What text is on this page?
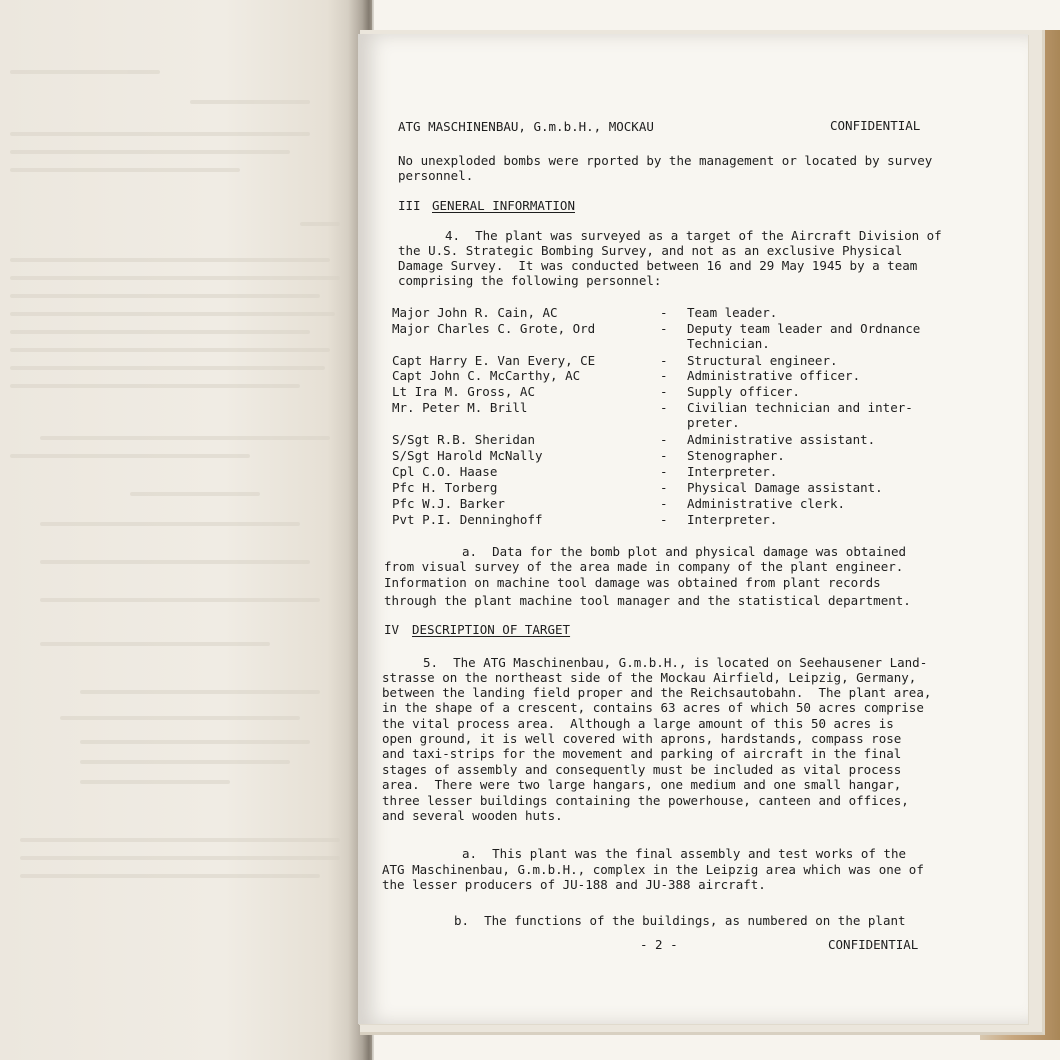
ATG MASCHINENBAU, G.m.b.H., MOCKAU	CONFIDENTIAL
No unexploded bombs were rported by the management or located by survey
personnel.
III GENERAL INFORMATION
4.  The plant was surveyed as a target of the Aircraft Division of
the U.S. Strategic Bombing Survey, and not as an exclusive Physical
Damage Survey.  It was conducted between 16 and 29 May 1945 by a team
comprising the following personnel:
Major John R. Cain, AC	- Team leader.
Major Charles C. Grote, Ord	- Deputy team leader and Ordnance
Technician.
Capt Harry E. Van Every, CE	- Structural engineer.
Capt John C. McCarthy, AC	- Administrative officer.
Lt Ira M. Gross, AC	- Supply officer.
Mr. Peter M. Brill	- Civilian technician and inter-
preter.
S/Sgt R.B. Sheridan	- Administrative assistant.
S/Sgt Harold McNally	- Stenographer.
Cpl C.O. Haase	- Interpreter.
Pfc H. Torberg	- Physical Damage assistant.
Pfc W.J. Barker	- Administrative clerk.
Pvt P.I. Denninghoff	- Interpreter.
a.  Data for the bomb plot and physical damage was obtained
from visual survey of the area made in company of the plant engineer.
Information on machine tool damage was obtained from plant records
through the plant machine tool manager and the statistical department.
IV DESCRIPTION OF TARGET
5.  The ATG Maschinenbau, G.m.b.H., is located on Seehausener Land-
strasse on the northeast side of the Mockau Airfield, Leipzig, Germany,
between the landing field proper and the Reichsautobahn.  The plant area,
in the shape of a crescent, contains 63 acres of which 50 acres comprise
the vital process area.  Although a large amount of this 50 acres is
open ground, it is well covered with aprons, hardstands, compass rose
and taxi-strips for the movement and parking of aircraft in the final
stages of assembly and consequently must be included as vital process
area.  There were two large hangars, one medium and one small hangar,
three lesser buildings containing the powerhouse, canteen and offices,
and several wooden huts.
a.  This plant was the final assembly and test works of the
ATG Maschinenbau, G.m.b.H., complex in the Leipzig area which was one of
the lesser producers of JU-188 and JU-388 aircraft.
b.  The functions of the buildings, as numbered on the plant
- 2 -	CONFIDENTIAL
